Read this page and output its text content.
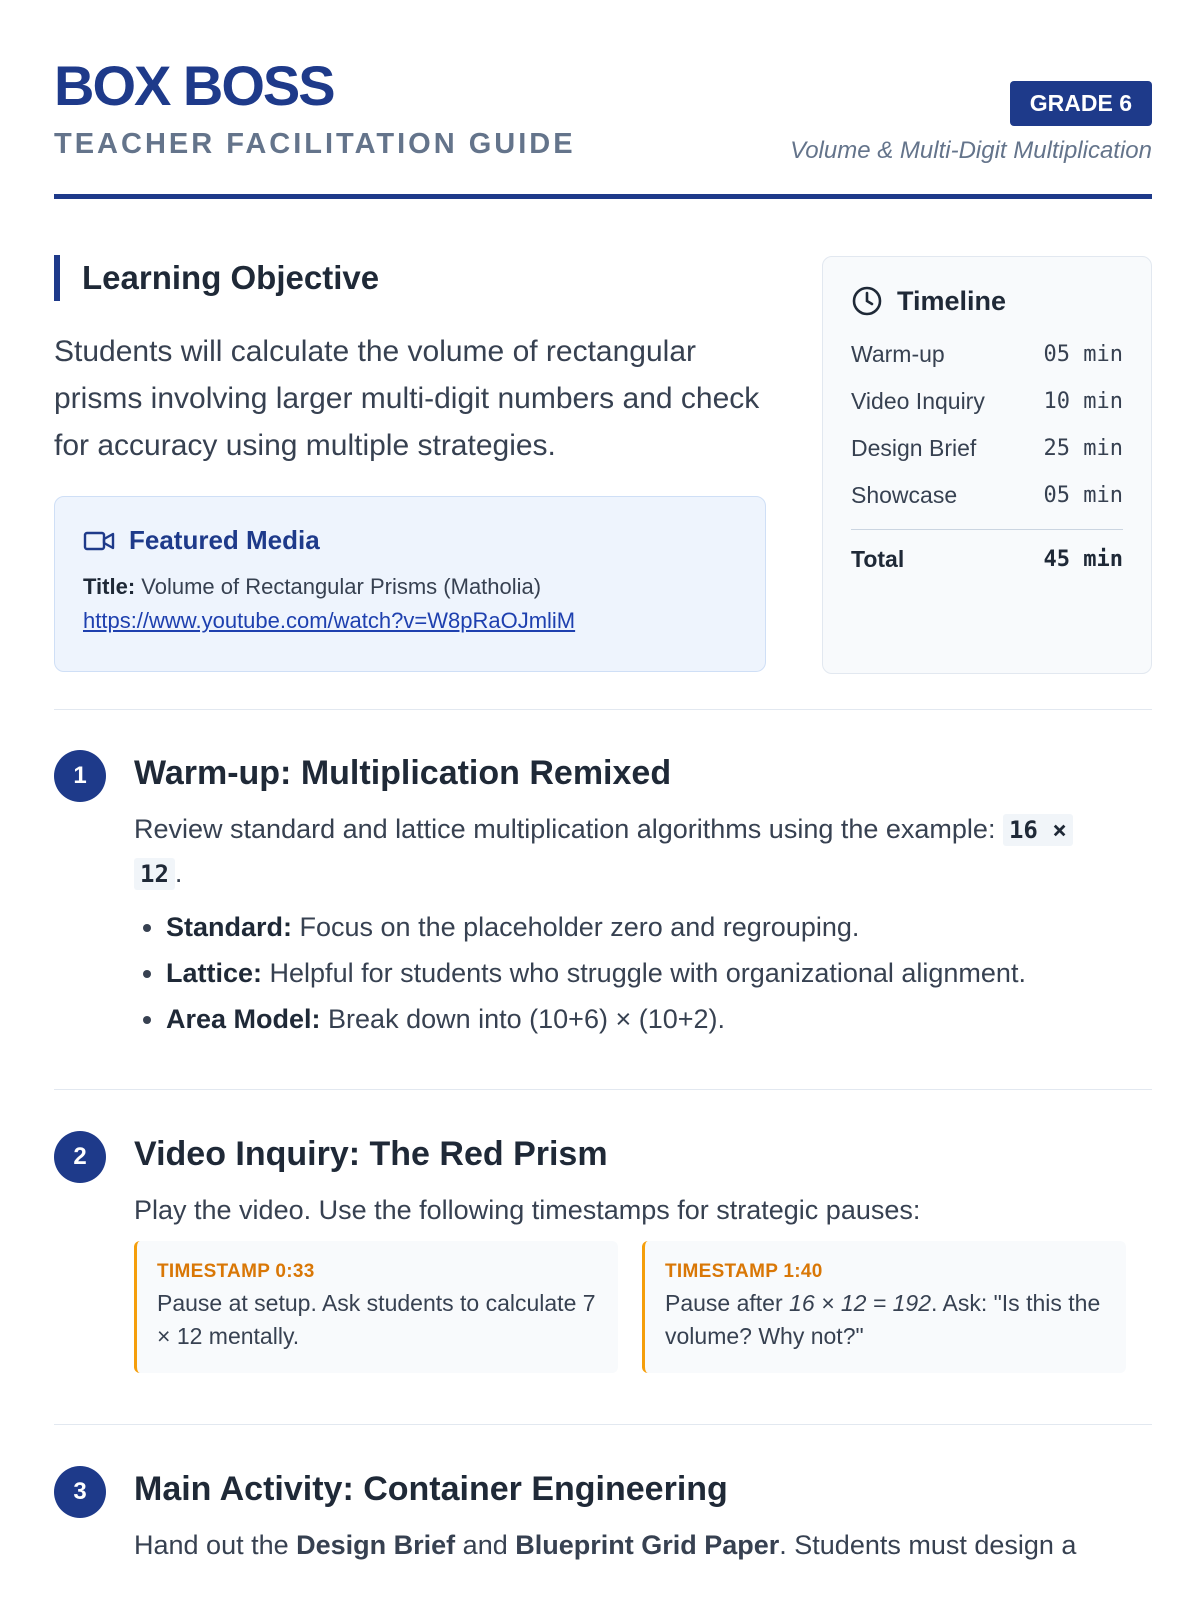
BOX BOSS
TEACHER FACILITATION GUIDE
GRADE 6
Volume & Multi-Digit Multiplication
Learning Objective
Students will calculate the volume of rectangular prisms involving larger multi-digit numbers and check for accuracy using multiple strategies.
Featured Media
Title: Volume of Rectangular Prisms (Matholia)
https://www.youtube.com/watch?v=W8pRaOJmliM
Timeline
Warm-up	05 min
Video Inquiry	10 min
Design Brief	25 min
Showcase	05 min
Total	45 min
1	Warm-up: Multiplication Remixed
Review standard and lattice multiplication algorithms using the example: 16 ×
12 .
• Standard: Focus on the placeholder zero and regrouping.
• Lattice: Helpful for students who struggle with organizational alignment.
• Area Model: Break down into (10+6) × (10+2).
2	Video Inquiry: The Red Prism
Play the video. Use the following timestamps for strategic pauses:
TIMESTAMP 0:33
Pause at setup. Ask students to calculate 7 × 12 mentally.
TIMESTAMP 1:40
Pause after 16 × 12 = 192. Ask: "Is this the volume? Why not?"
3	Main Activity: Container Engineering
Hand out the Design Brief and Blueprint Grid Paper. Students must design a
